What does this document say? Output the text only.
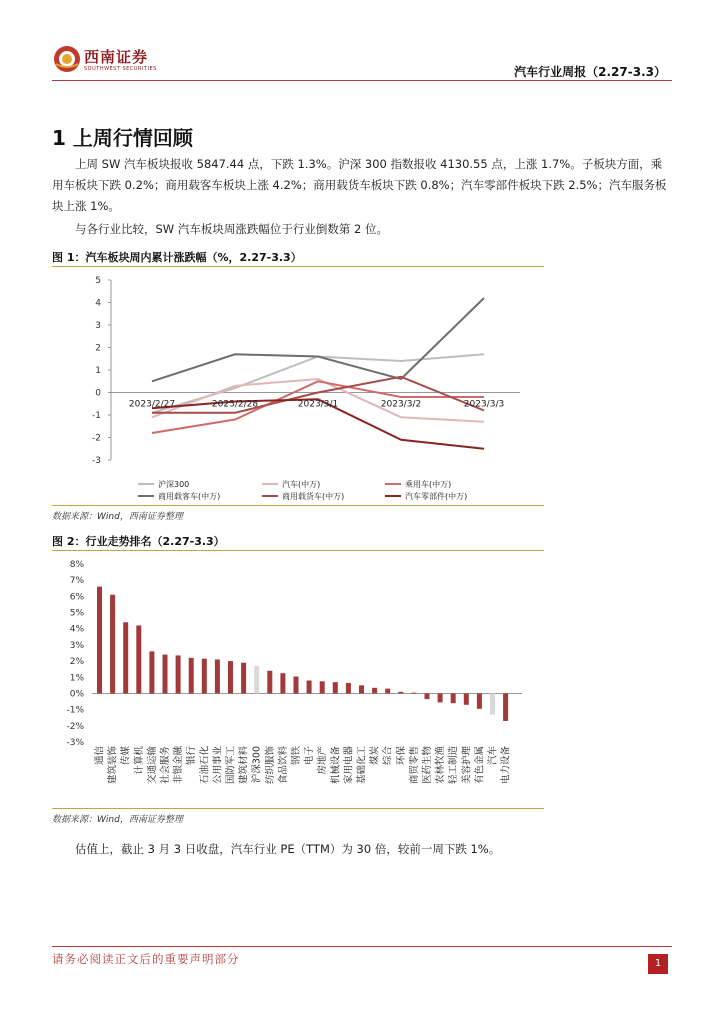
西南证券
SOUTHWEST SECURITIES	汽车行业周报（2.27-3.3）
1 上周行情回顾
上周 SW 汽车板块报收 5847.44 点，下跌 1.3%。沪深 300 指数报收 4130.55 点，上涨 1.7%。子板块方面，乘用车板块下跌 0.2%；商用载客车板块上涨 4.2%；商用载货车板块下跌 0.8%；汽车零部件板块下跌 2.5%；汽车服务板块上涨 1%。
与各行业比较，SW 汽车板块周涨跌幅位于行业倒数第 2 位。
图 1：汽车板块周内累计涨跌幅（%，2.27-3.3）
5
4
3
2
1
0
-1
-2
-3
2023/2/27	2023/2/28	2023/3/1	2023/3/2	2023/3/3
沪深300	汽车(中万)	乘用车(中万)
商用载客车(中万)	商用载货车(中万)	汽车零部件(中万)
数据来源：Wind，西南证券整理
图 2：行业走势排名（2.27-3.3）
8%
7%
6%
5%
4%
3%
2%
1%
0%
-1%
-2%
-3%
通信 建筑装饰 传媒 计算机 交通运输 社会服务 非银金融 银行 石油石化 公用事业 国防军工 建筑材料 沪深300 纺织服饰 食品饮料 钢铁 电子 房地产 机械设备 家用电器 基础化工 煤炭 综合 环保 商贸零售 医药生物 农林牧渔 轻工制造 美容护理 有色金属 汽车 电力设备
数据来源：Wind，西南证券整理
估值上，截止 3 月 3 日收盘，汽车行业 PE（TTM）为 30 倍，较前一周下跌 1%。
请务必阅读正文后的重要声明部分	1
